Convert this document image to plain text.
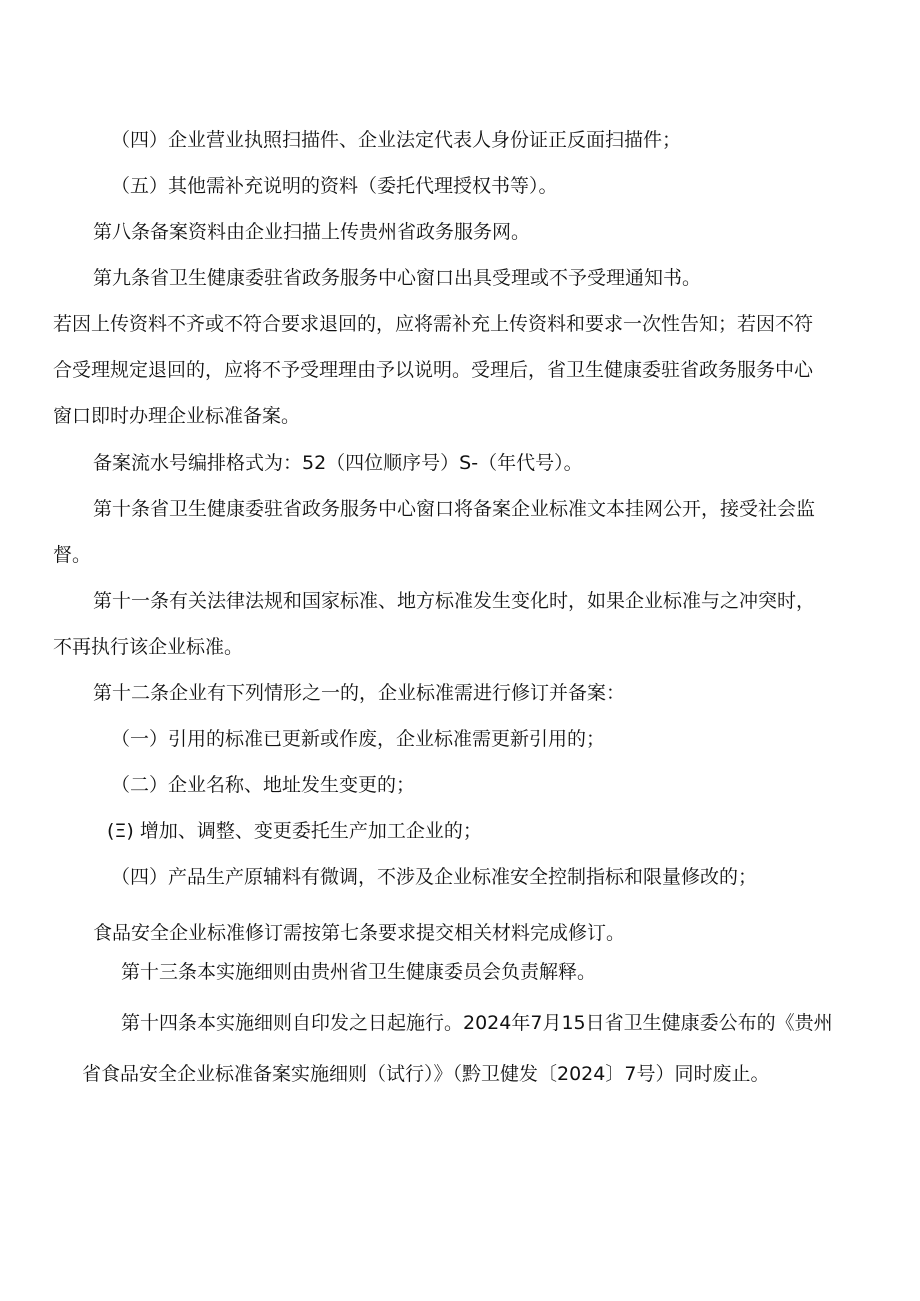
（四）企业营业执照扫描件、企业法定代表人身份证正反面扫描件；
（五）其他需补充说明的资料（委托代理授权书等）。
第八条备案资料由企业扫描上传贵州省政务服务网。
第九条省卫生健康委驻省政务服务中心窗口出具受理或不予受理通知书。
若因上传资料不齐或不符合要求退回的，应将需补充上传资料和要求一次性告知；若因不符
合受理规定退回的，应将不予受理理由予以说明。受理后，省卫生健康委驻省政务服务中心
窗口即时办理企业标准备案。
备案流水号编排格式为：52（四位顺序号）S-（年代号）。
第十条省卫生健康委驻省政务服务中心窗口将备案企业标准文本挂网公开，接受社会监
督。
第十一条有关法律法规和国家标准、地方标准发生变化时，如果企业标准与之冲突时，
不再执行该企业标准。
第十二条企业有下列情形之一的，企业标准需进行修订并备案：
（一）引用的标准已更新或作废，企业标准需更新引用的；
（二）企业名称、地址发生变更的；
(Ξ) 增加、调整、变更委托生产加工企业的；
（四）产品生产原辅料有微调，不涉及企业标准安全控制指标和限量修改的；
食品安全企业标准修订需按第七条要求提交相关材料完成修订。
第十三条本实施细则由贵州省卫生健康委员会负责解释。
第十四条本实施细则自印发之日起施行。2024年7月15日省卫生健康委公布的《贵州
省食品安全企业标准备案实施细则（试行）》（黔卫健发〔2024〕7号）同时废止。
